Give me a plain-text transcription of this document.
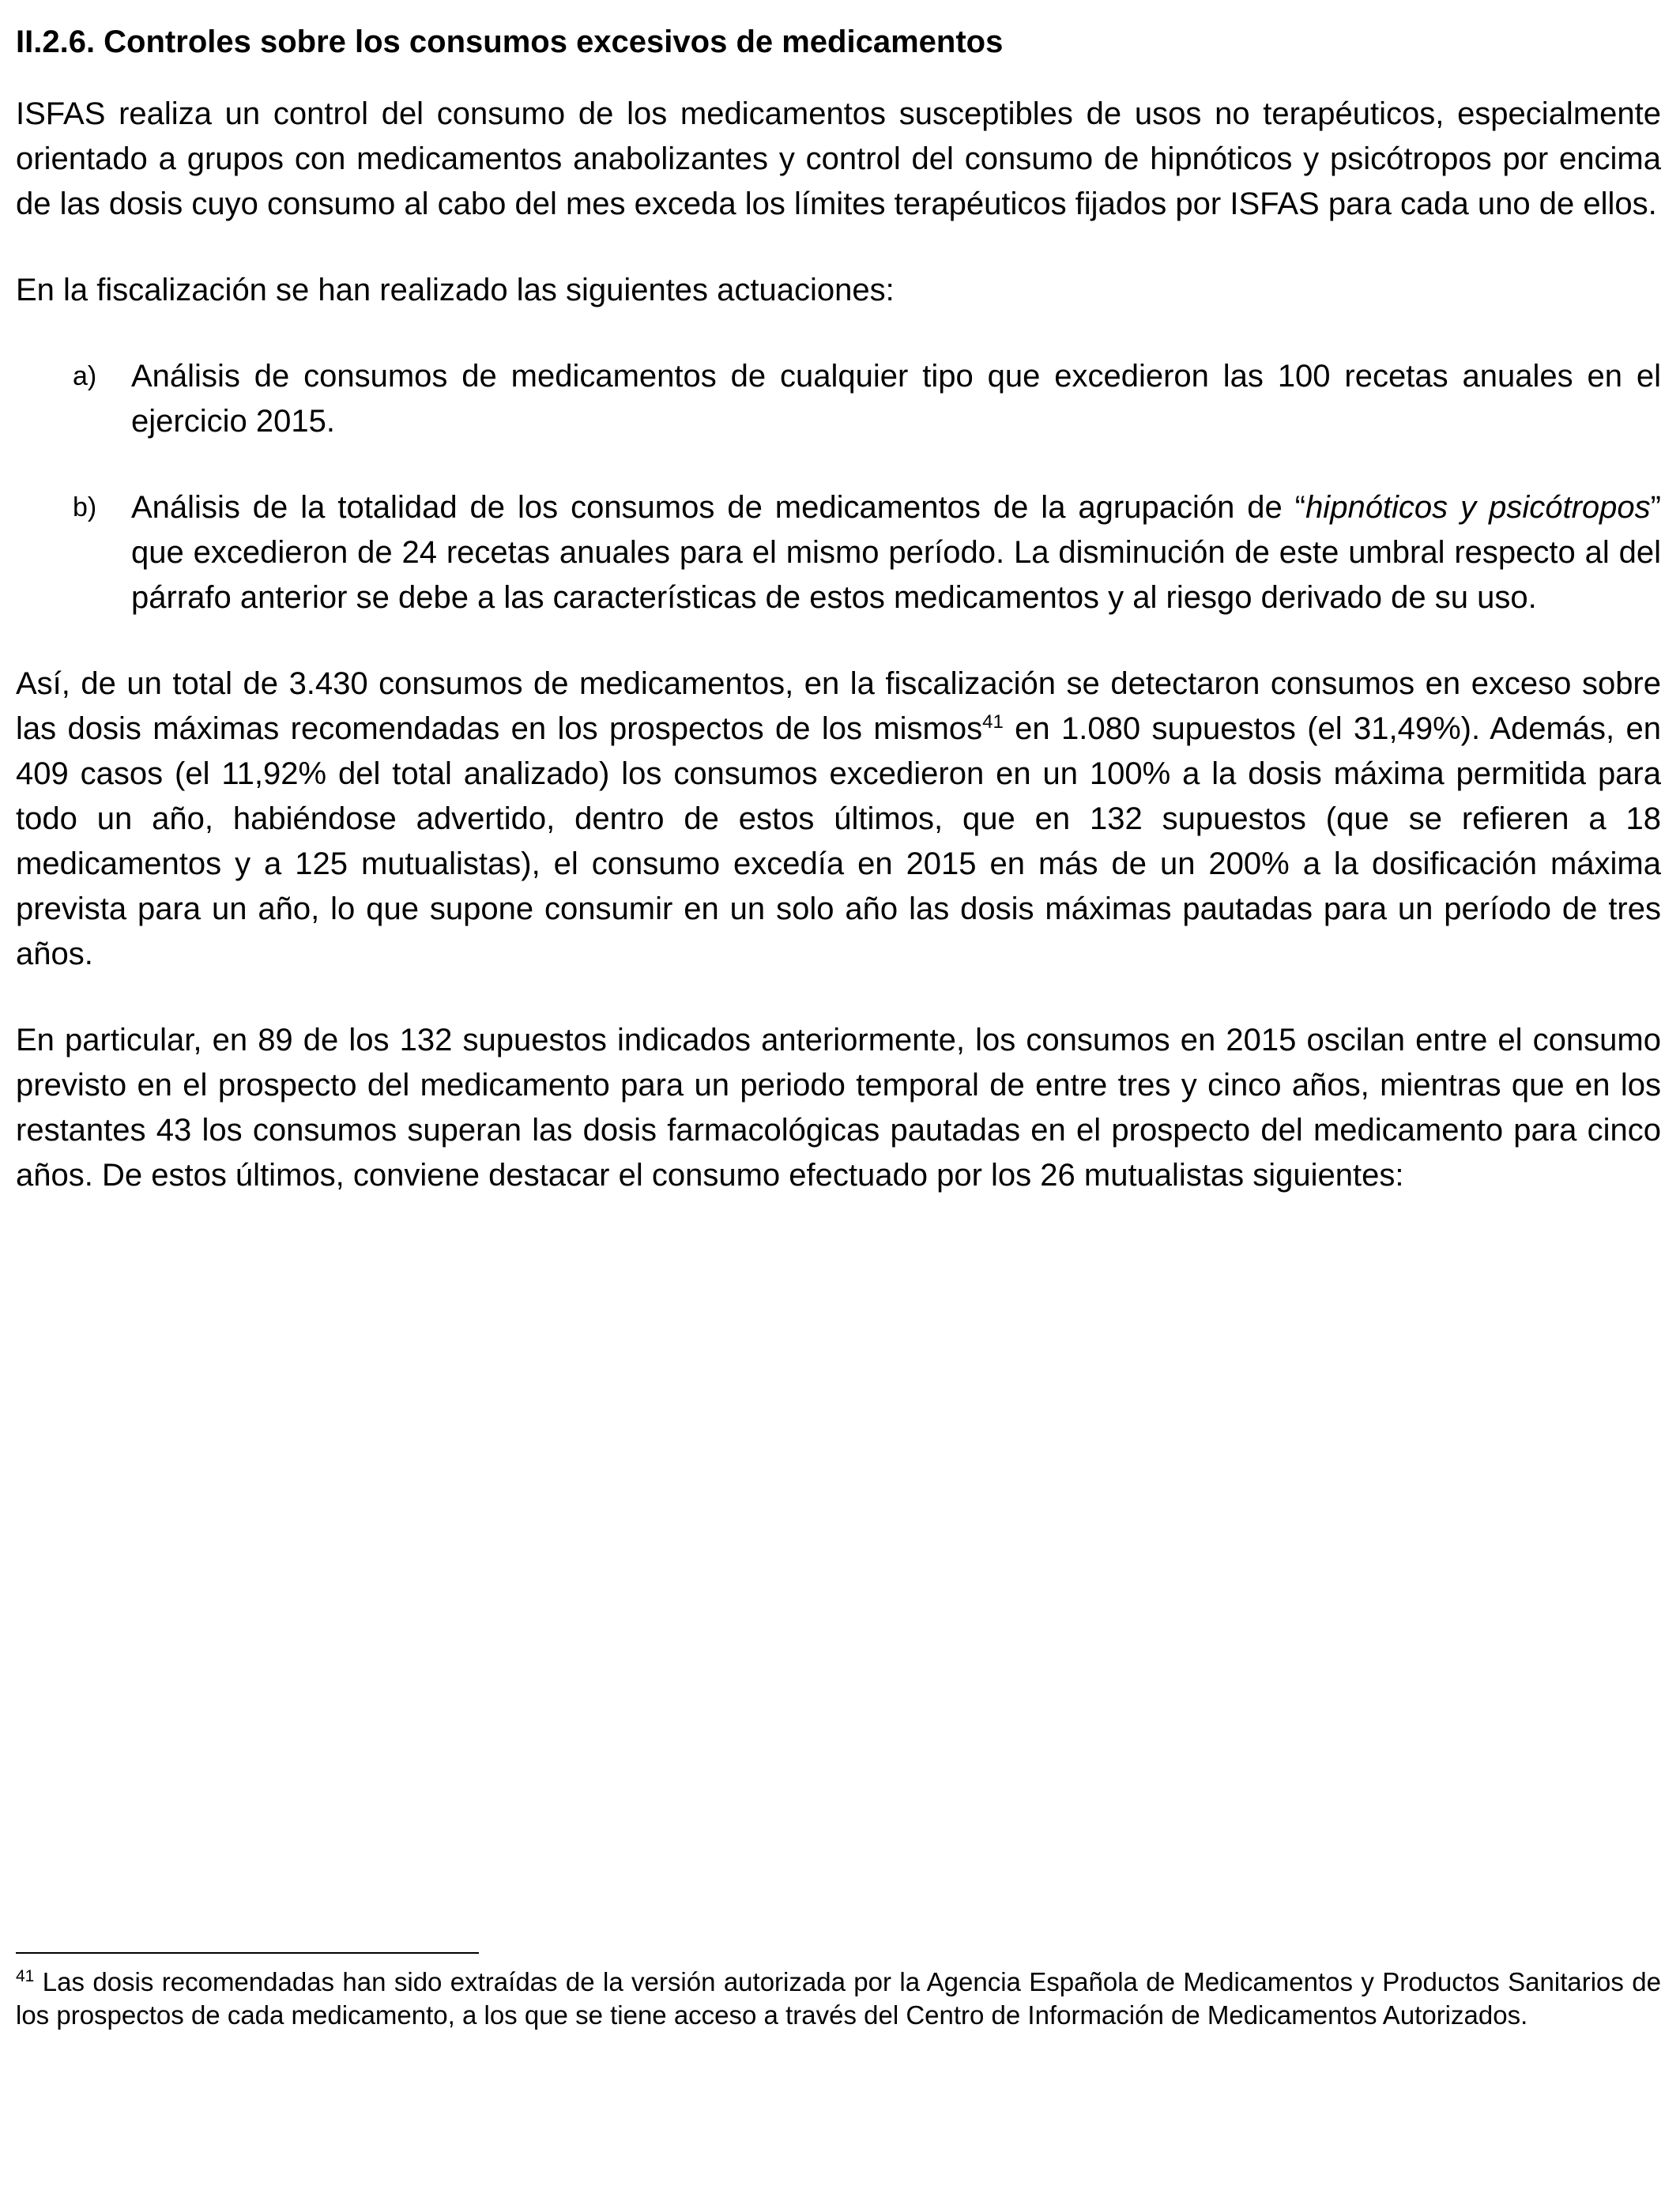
II.2.6. Controles sobre los consumos excesivos de medicamentos
ISFAS realiza un control del consumo de los medicamentos susceptibles de usos no terapéuticos, especialmente orientado a grupos con medicamentos anabolizantes y control del consumo de hipnóticos y psicótropos por encima de las dosis cuyo consumo al cabo del mes exceda los límites terapéuticos fijados por ISFAS para cada uno de ellos.
En la fiscalización se han realizado las siguientes actuaciones:
a)	Análisis de consumos de medicamentos de cualquier tipo que excedieron las 100 recetas anuales en el ejercicio 2015.
b)	Análisis de la totalidad de los consumos de medicamentos de la agrupación de “hipnóticos y psicótropos” que excedieron de 24 recetas anuales para el mismo período. La disminución de este umbral respecto al del párrafo anterior se debe a las características de estos medicamentos y al riesgo derivado de su uso.
Así, de un total de 3.430 consumos de medicamentos, en la fiscalización se detectaron consumos en exceso sobre las dosis máximas recomendadas en los prospectos de los mismos$^{41}$ en 1.080 supuestos (el 31,49%). Además, en 409 casos (el 11,92% del total analizado) los consumos excedieron en un 100% a la dosis máxima permitida para todo un año, habiéndose advertido, dentro de estos últimos, que en 132 supuestos (que se refieren a 18 medicamentos y a 125 mutualistas), el consumo excedía en 2015 en más de un 200% a la dosificación máxima prevista para un año, lo que supone consumir en un solo año las dosis máximas pautadas para un período de tres años.
En particular, en 89 de los 132 supuestos indicados anteriormente, los consumos en 2015 oscilan entre el consumo previsto en el prospecto del medicamento para un periodo temporal de entre tres y cinco años, mientras que en los restantes 43 los consumos superan las dosis farmacológicas pautadas en el prospecto del medicamento para cinco años. De estos últimos, conviene destacar el consumo efectuado por los 26 mutualistas siguientes:
$^{41}$ Las dosis recomendadas han sido extraídas de la versión autorizada por la Agencia Española de Medicamentos y Productos Sanitarios de los prospectos de cada medicamento, a los que se tiene acceso a través del Centro de Información de Medicamentos Autorizados.
